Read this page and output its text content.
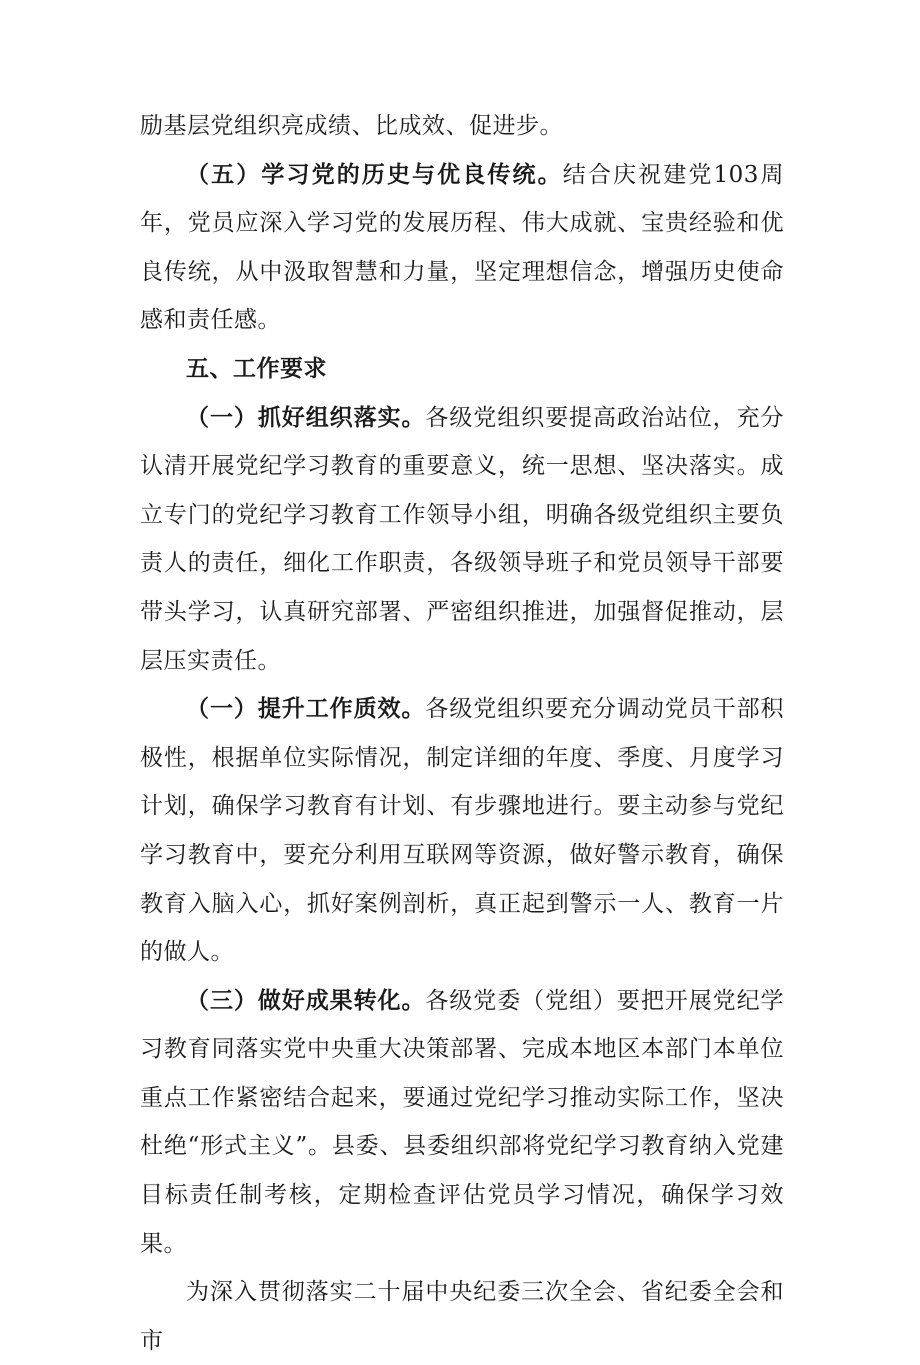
励基层党组织亮成绩、比成效、促进步。

（五）学习党的历史与优良传统。结合庆祝建党103周年，党员应深入学习党的发展历程、伟大成就、宝贵经验和优良传统，从中汲取智慧和力量，坚定理想信念，增强历史使命感和责任感。

五、工作要求

（一）抓好组织落实。各级党组织要提高政治站位，充分认清开展党纪学习教育的重要意义，统一思想、坚决落实。成立专门的党纪学习教育工作领导小组，明确各级党组织主要负责人的责任，细化工作职责，各级领导班子和党员领导干部要带头学习，认真研究部署、严密组织推进，加强督促推动，层层压实责任。

（一）提升工作质效。各级党组织要充分调动党员干部积极性，根据单位实际情况，制定详细的年度、季度、月度学习计划，确保学习教育有计划、有步骤地进行。要主动参与党纪学习教育中，要充分利用互联网等资源，做好警示教育，确保教育入脑入心，抓好案例剖析，真正起到警示一人、教育一片的做人。

（三）做好成果转化。各级党委（党组）要把开展党纪学习教育同落实党中央重大决策部署、完成本地区本部门本单位重点工作紧密结合起来，要通过党纪学习推动实际工作，坚决杜绝“形式主义”。县委、县委组织部将党纪学习教育纳入党建目标责任制考核，定期检查评估党员学习情况，确保学习效果。

为深入贯彻落实二十届中央纪委三次全会、省纪委全会和市
